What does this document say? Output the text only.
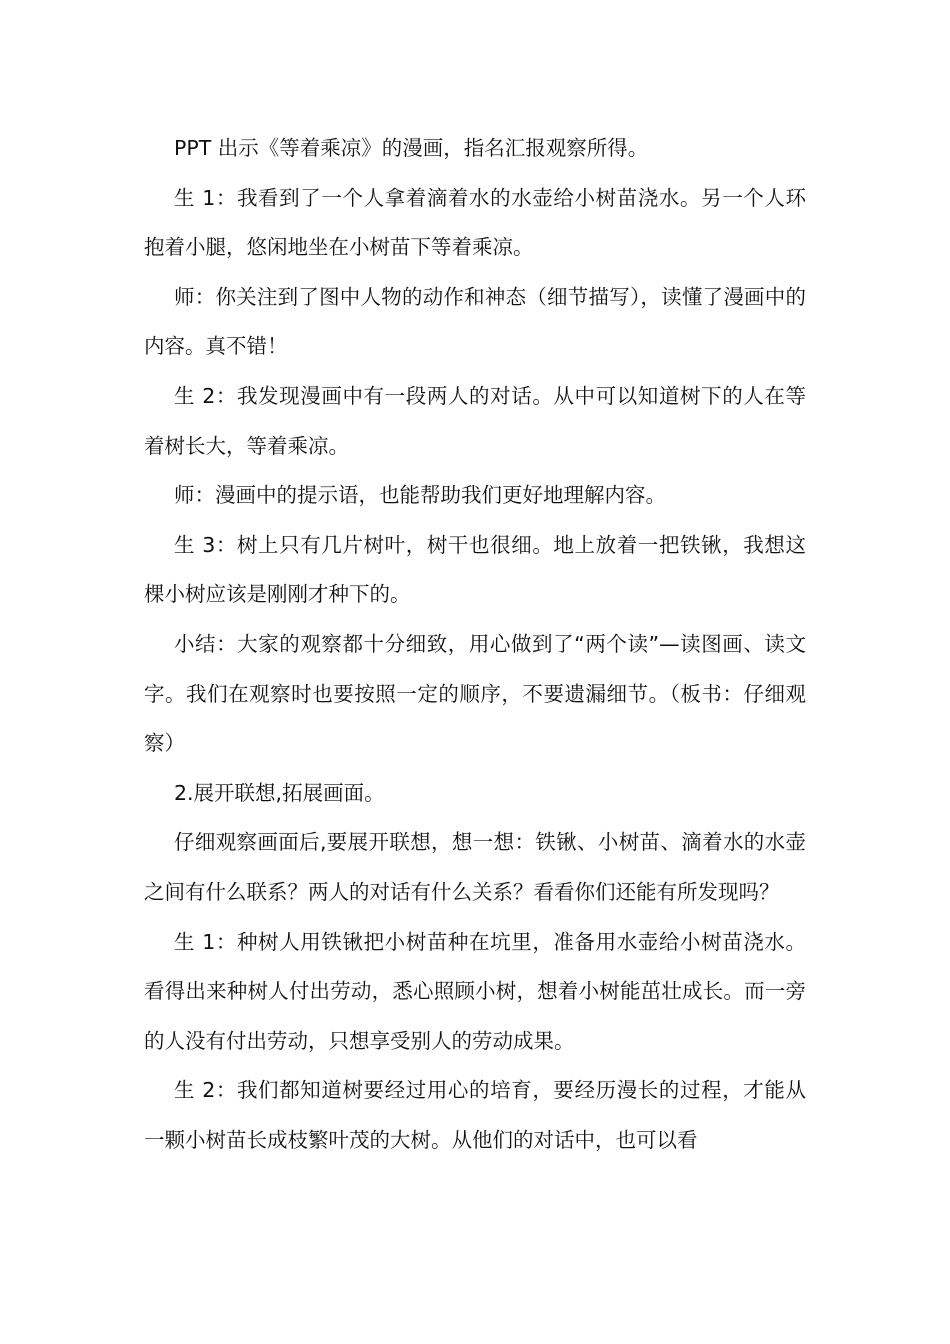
PPT 出示《等着乘凉》的漫画，指名汇报观察所得。

生 1：我看到了一个人拿着滴着水的水壶给小树苗浇水。另一个人环抱着小腿，悠闲地坐在小树苗下等着乘凉。

师：你关注到了图中人物的动作和神态（细节描写），读懂了漫画中的内容。真不错！

生 2：我发现漫画中有一段两人的对话。从中可以知道树下的人在等着树长大，等着乘凉。

师：漫画中的提示语，也能帮助我们更好地理解内容。

生 3：树上只有几片树叶，树干也很细。地上放着一把铁锹，我想这棵小树应该是刚刚才种下的。

小结：大家的观察都十分细致，用心做到了“两个读”—读图画、读文字。我们在观察时也要按照一定的顺序，不要遗漏细节。（板书：仔细观察）

2.展开联想,拓展画面。

仔细观察画面后,要展开联想，想一想：铁锹、小树苗、滴着水的水壶之间有什么联系？两人的对话有什么关系？看看你们还能有所发现吗？

生 1：种树人用铁锹把小树苗种在坑里，准备用水壶给小树苗浇水。看得出来种树人付出劳动，悉心照顾小树，想着小树能茁壮成长。而一旁的人没有付出劳动，只想享受别人的劳动成果。

生 2：我们都知道树要经过用心的培育，要经历漫长的过程，才能从一颗小树苗长成枝繁叶茂的大树。从他们的对话中，也可以看
